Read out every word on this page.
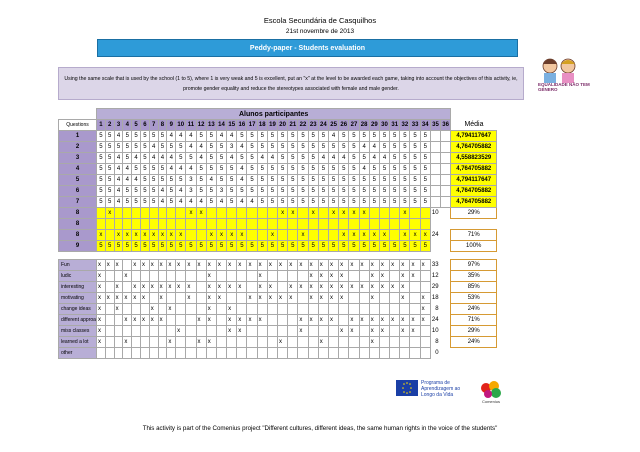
Escola Secundária de Casquilhos
21st novembre de 2013
Peddy-paper - Students evaluation
Using the same scale that is used by the school (1 to 5), where 1 is very weak and 5 is excellent, put an "x" at the level to be awarded each game, taking into account the objectives of this activity, ie, promote gender equality and reduce the stereotypes associated with female and male gender.
EQUALIDADE NÃO TEM GÉNERO
	Alunos participantes																																				
Questions	1	2	3	4	5	6	7	8	9	10	11	12	13	14	15	16	17	18	19	20	21	22	23	24	25	26	27	28	29	30	31	32	33	34	35	36	Média
1	5	5	4	5	5	5	5	5	4	4	4	5	5	4	4	5	5	5	5	5	5	5	5	5	4	5	5	5	5	5	5	5	5	5			4,794117647
2	5	5	5	5	5	5	4	5	5	5	4	4	5	5	3	4	5	5	5	5	5	5	5	5	5	5	5	4	4	5	5	5	5	5			4,764705882
3	5	5	4	5	4	5	4	4	4	5	5	4	5	5	4	5	5	4	4	5	5	5	5	4	4	4	5	5	4	4	5	5	5	5			4,558823529
4	5	5	4	4	5	5	5	5	4	4	4	5	5	5	5	4	5	5	5	5	5	5	5	5	5	5	5	4	5	5	5	5	5	5			4,764705882
5	5	5	4	4	4	5	5	5	5	5	3	5	4	5	5	4	5	5	5	5	5	5	5	5	5	5	5	5	5	5	5	5	5	5			4,794117647
6	5	5	4	5	5	5	5	4	5	4	3	5	5	3	5	5	5	5	5	5	5	5	5	5	5	5	5	5	5	5	5	5	5	5			4,764705882
7	5	5	4	5	5	5	5	4	5	4	4	4	5	4	5	4	4	5	5	5	5	5	5	5	5	5	5	5	5	5	5	5	5	5			4,764705882
8		x									x	x								x	x		x		x	x	x	x				x			10		29%
8																																					
8	x		x	x	x	x	x	x	x	x			x	x	x	x			x			x				x	x	x	x	x		x	x	x	24		71%
9	5	5	5	5	5	5	5	5	5	5	5	5	5	5	5	5	5	5	5	5	5	5	5	5	5	5	5	5	5	5	5	5	5	5			100%

Fun	x	x	x		x	x	x	x	x	x	x	x	x	x	x	x	x	x	x	x	x	x	x	x	x	x	x	x	x	x	x	x	x	x	33		97%
ludic	x			x									x					x					x	x	x	x			x	x		x	x		12		35%
interesting	x		x		x	x	x	x	x	x	x		x	x	x	x		x	x		x	x	x	x	x	x	x	x	x	x	x	x			29		85%
motivating	x	x	x	x	x	x		x			x		x	x			x	x	x	x	x		x	x	x	x			x			x		x	18		53%
change ideas	x		x				x		x				x		x																			x	8		24%
different approa	x			x	x	x	x	x				x	x		x	x	x	x				x	x	x	x		x	x	x	x	x	x	x	x	24		71%
miss classes	x									x					x	x						x				x	x		x	x		x	x		10		29%
learned a lot	x			x					x			x	x							x				x					x						8		24%
other																																			0		
Programa de
Aprendizagem ao
Longo da Vida
Comenius
This activity is part of the Comenius project "Different cultures, different ideas, the same human rights in the voice of the students"
